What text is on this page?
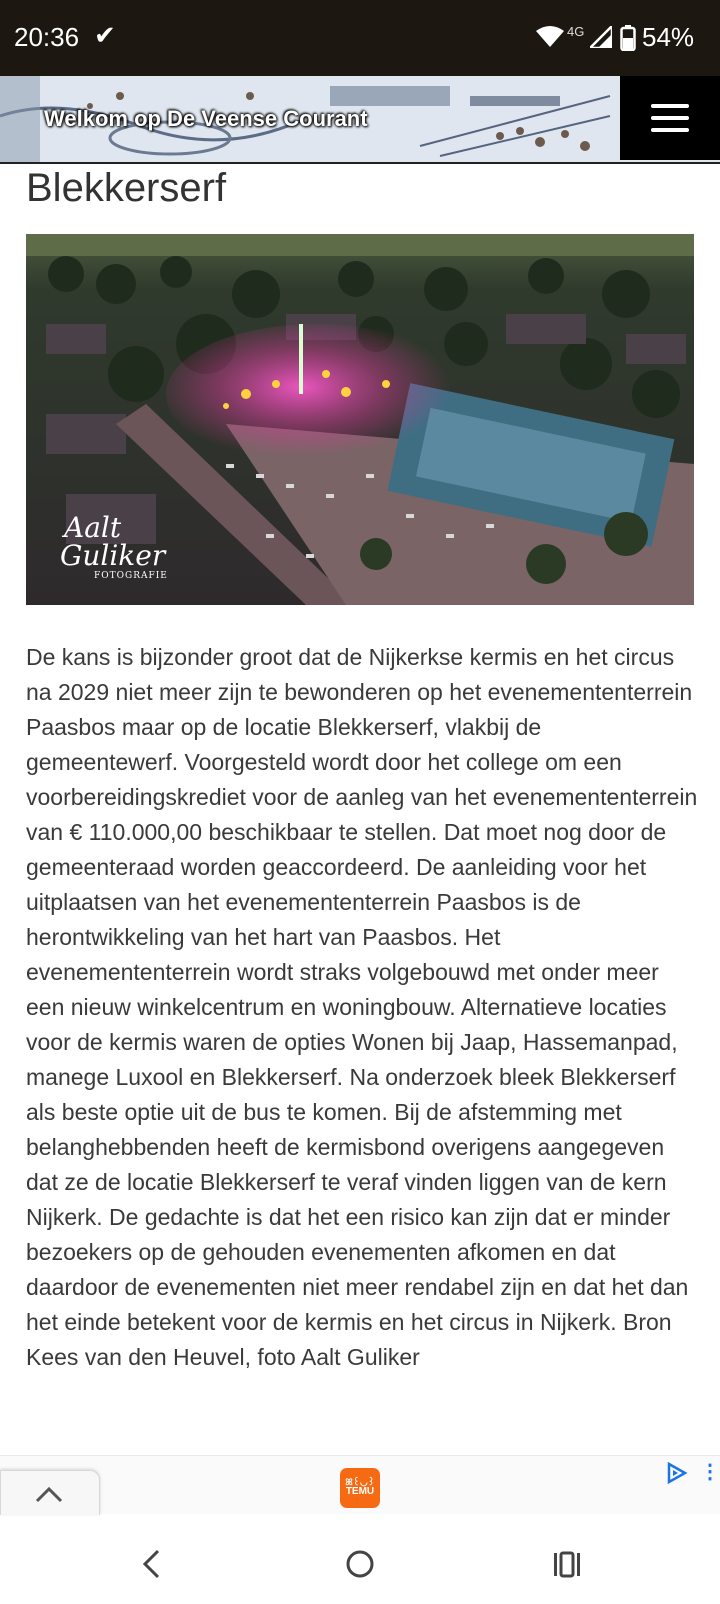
20:36 ✔	4G 54%
Welkom op De Veense Courant
Blekkerserf
Aalt
Guliker
FOTOGRAFIE

De kans is bijzonder groot dat de Nijkerkse kermis en het circus na 2029 niet meer zijn te bewonderen op het evenemententerrein Paasbos maar op de locatie Blekkerserf, vlakbij de gemeentewerf. Voorgesteld wordt door het college om een voorbereidingskrediet voor de aanleg van het evenemententerrein van € 110.000,00 beschikbaar te stellen. Dat moet nog door de gemeenteraad worden geaccordeerd. De aanleiding voor het uitplaatsen van het evenemententerrein Paasbos is de herontwikkeling van het hart van Paasbos. Het evenemententerrein wordt straks volgebouwd met onder meer een nieuw winkelcentrum en woningbouw. Alternatieve locaties voor de kermis waren de opties Wonen bij Jaap, Hassemanpad, manege Luxool en Blekkerserf. Na onderzoek bleek Blekkerserf als beste optie uit de bus te komen. Bij de afstemming met belanghebbenden heeft de kermisbond overigens aangegeven dat ze de locatie Blekkerserf te veraf vinden liggen van de kern Nijkerk. De gedachte is dat het een risico kan zijn dat er minder bezoekers op de gehouden evenementen afkomen en dat daardoor de evenementen niet meer rendabel zijn en dat het dan het einde betekent voor de kermis en het circus in Nijkerk. Bron Kees van den Heuvel, foto Aalt Guliker

ꕤ꒰◡꒱
TEMU
⋮
